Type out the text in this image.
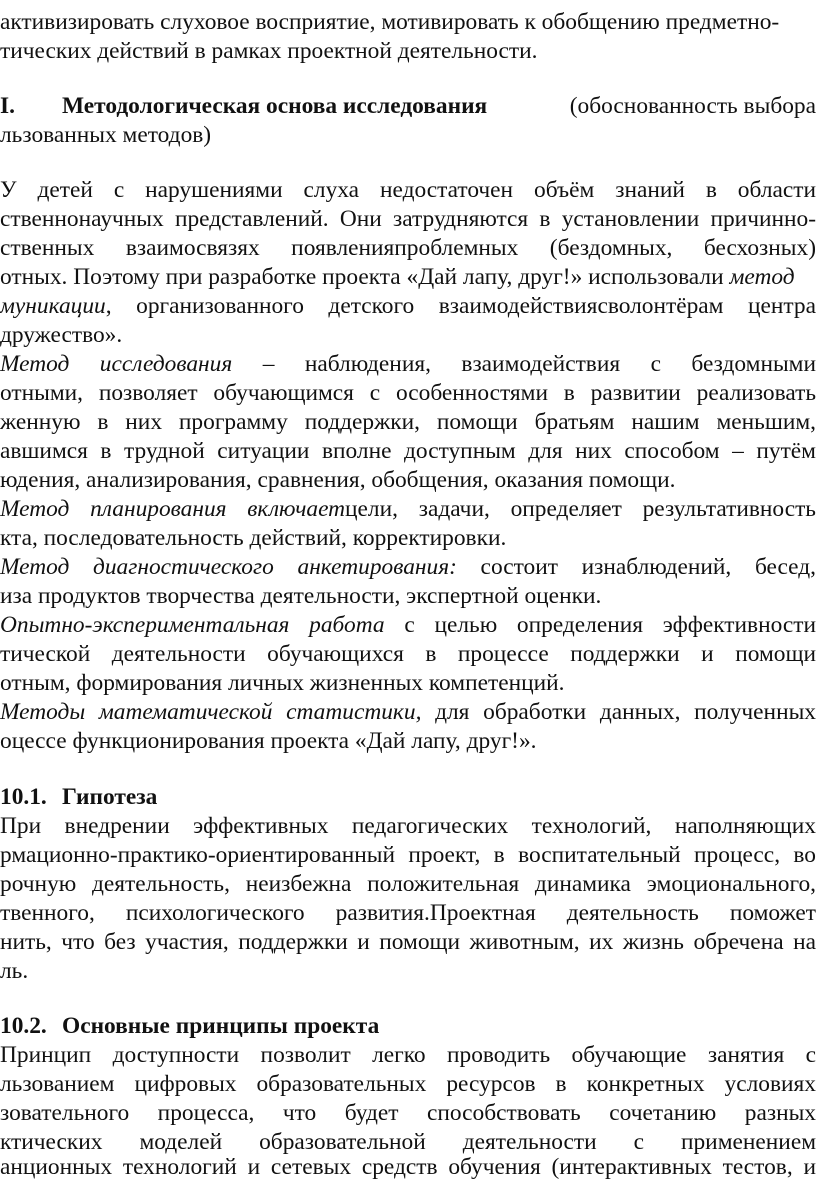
активизировать слуховое восприятие, мотивировать к обобщению предметно-
тических действий в рамках проектной деятельности.
I.	Методологическая основа исследования	(обоснованность выбора
льзованных методов)
У детей с нарушениями слуха недостаточен объём знаний в области
ственнонаучных представлений. Они затрудняются в установлении причинно-
ственных взаимосвязях появленияпроблемных (бездомных, бесхозных)
отных. Поэтому при разработке проекта «Дай лапу, друг!» использовали метод
муникации, организованного детского взаимодействиясволонтёрам центра
дружество».
Метод исследования – наблюдения, взаимодействия с бездомными
отными, позволяет обучающимся с особенностями в развитии реализовать
женную в них программу поддержки, помощи братьям нашим меньшим,
авшимся в трудной ситуации вполне доступным для них способом – путём
юдения, анализирования, сравнения, обобщения, оказания помощи.
Метод планирования включаетцели, задачи, определяет результативность
кта, последовательность действий, корректировки.
Метод диагностического анкетирования: состоит изнаблюдений, бесед,
иза продуктов творчества деятельности, экспертной оценки.
Опытно-экспериментальная работа с целью определения эффективности
тической деятельности обучающихся в процессе поддержки и помощи
отным, формирования личных жизненных компетенций.
Методы математической статистики, для обработки данных, полученных
оцессе функционирования проекта «Дай лапу, друг!».
10.1. Гипотеза
При внедрении эффективных педагогических технологий, наполняющих
рмационно-практико-ориентированный проект, в воспитательный процесс, во
рочную деятельность, неизбежна положительная динамика эмоционального,
твенного, психологического развития.Проектная деятельность поможет
нить, что без участия, поддержки и помощи животным, их жизнь обречена на
ль.
10.2. Основные принципы проекта
Принцип доступности позволит легко проводить обучающие занятия с
льзованием цифровых образовательных ресурсов в конкретных условиях
зовательного процесса, что будет способствовать сочетанию разных
ктических моделей образовательной деятельности с применением
анционных технологий и сетевых средств обучения (интерактивных тестов, и
